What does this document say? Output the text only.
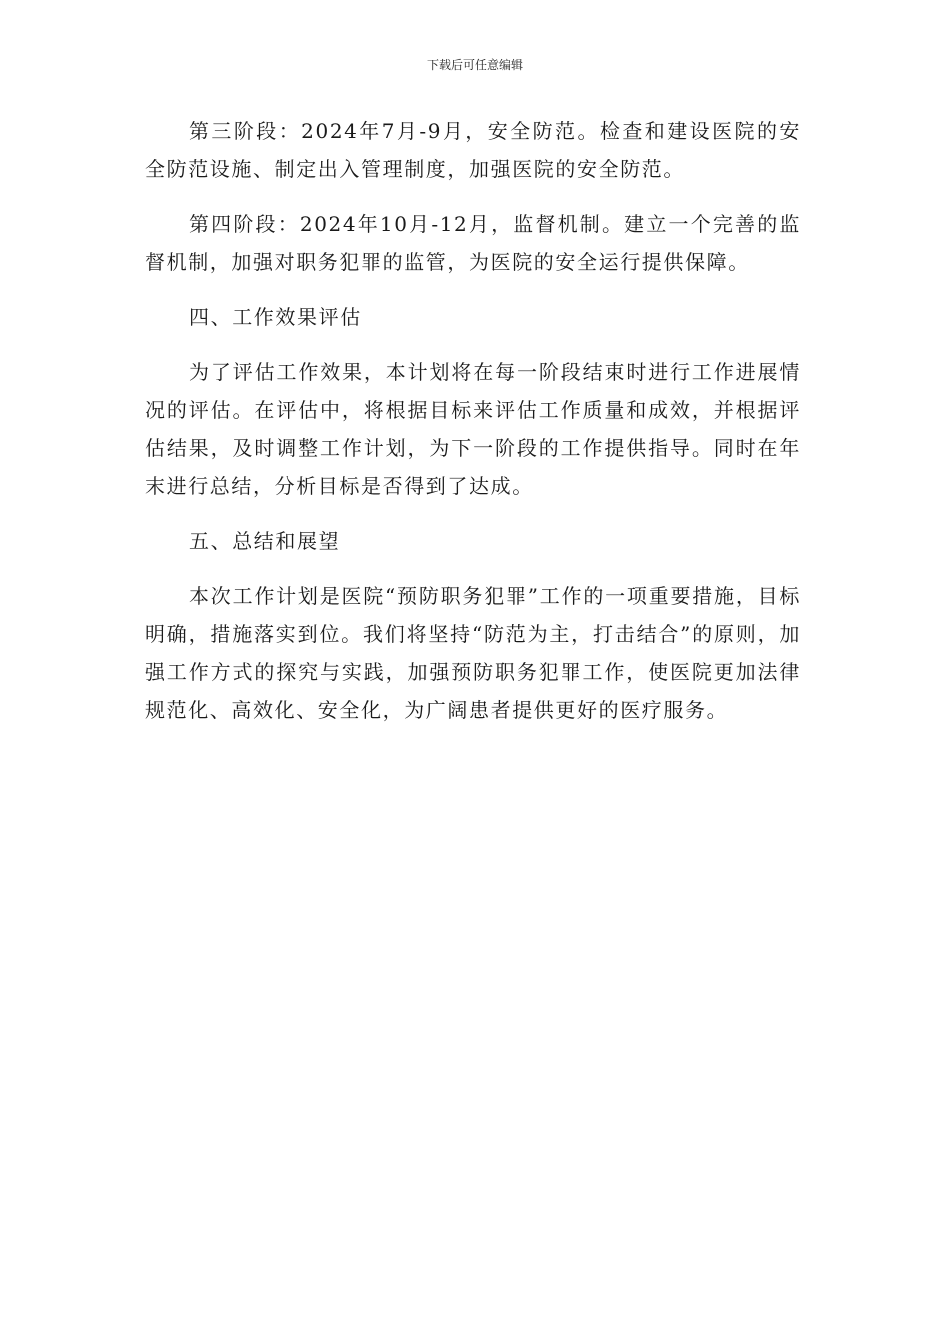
下载后可任意编辑

第三阶段：2024年7月-9月，安全防范。检查和建设医院的安全防范设施、制定出入管理制度，加强医院的安全防范。

第四阶段：2024年10月-12月，监督机制。建立一个完善的监督机制，加强对职务犯罪的监管，为医院的安全运行提供保障。

四、工作效果评估

为了评估工作效果，本计划将在每一阶段结束时进行工作进展情况的评估。在评估中，将根据目标来评估工作质量和成效，并根据评估结果，及时调整工作计划，为下一阶段的工作提供指导。同时在年末进行总结，分析目标是否得到了达成。

五、总结和展望

本次工作计划是医院“预防职务犯罪”工作的一项重要措施，目标明确，措施落实到位。我们将坚持“防范为主，打击结合”的原则，加强工作方式的探究与实践，加强预防职务犯罪工作，使医院更加法律规范化、高效化、安全化，为广阔患者提供更好的医疗服务。
